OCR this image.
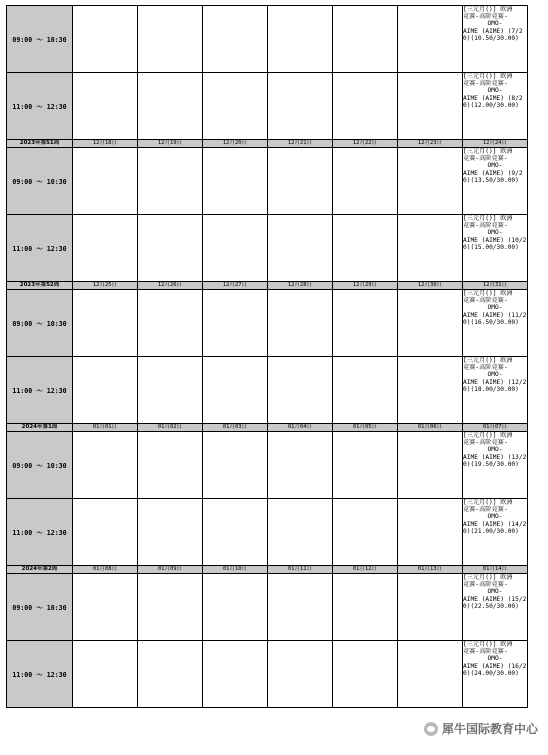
09:00 ～ 10:30							[三元月()] 欧洲
竞赛-高阶竞赛-
OMO-
AIME (AIME) (7/20)(10.50/30.00)

11:00 ～ 12:30							[三元月()] 欧洲
竞赛-高阶竞赛-
OMO-
AIME (AIME) (8/20)(12.00/30.00)

2023年第51周	12月18日	12月19日	12月20日	12月21日	12月22日	12月23日	12月24日
09:00 ～ 10:30							[三元月()] 欧洲
竞赛-高阶竞赛-
OMO-
AIME (AIME) (9/20)(13.50/30.00)

11:00 ～ 12:30							[三元月()] 欧洲
竞赛-高阶竞赛-
OMO-
AIME (AIME) (10/20)(15.00/30.00)

2023年第52周	12月25日	12月26日	12月27日	12月28日	12月29日	12月30日	12月31日
09:00 ～ 10:30							[三元月()] 欧洲
竞赛-高阶竞赛-
OMO-
AIME (AIME) (11/20)(16.50/30.00)

11:00 ～ 12:30							[三元月()] 欧洲
竞赛-高阶竞赛-
OMO-
AIME (AIME) (12/20)(18.00/30.00)

2024年第1周	01月01日	01月02日	01月03日	01月04日	01月05日	01月06日	01月07日
09:00 ～ 10:30							[三元月()] 欧洲
竞赛-高阶竞赛-
OMO-
AIME (AIME) (13/20)(19.50/30.00)

11:00 ～ 12:30							[三元月()] 欧洲
竞赛-高阶竞赛-
OMO-
AIME (AIME) (14/20)(21.00/30.00)

2024年第2周	01月08日	01月09日	01月10日	01月11日	01月12日	01月13日	01月14日
09:00 ～ 10:30							[三元月()] 欧洲
竞赛-高阶竞赛-
OMO-
AIME (AIME) (15/20)(22.50/30.00)

11:00 ～ 12:30							[三元月()] 欧洲
竞赛-高阶竞赛-
OMO-
AIME (AIME) (16/20)(24.00/30.00)
犀牛国际教育中心
